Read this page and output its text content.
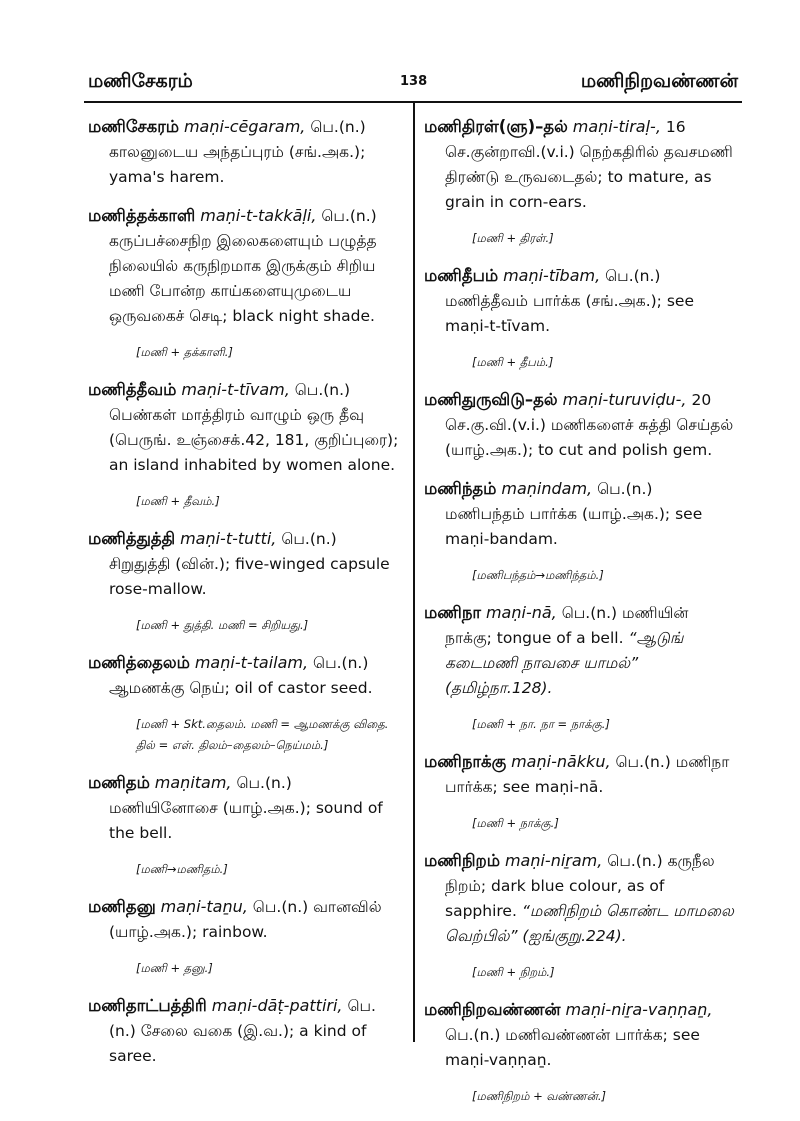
மணிசேகரம்	138	மணிநிறவண்ணன்
மணிசேகரம் maṇi-cēgaram, பெ.(n.) காலனுடைய அந்தப்புரம் (சங்.அக.); yama's harem.
மணித்தக்காளி maṇi-t-takkāḷi, பெ.(n.) கருப்பச்சைநிற இலைகளையும் பழுத்த நிலையில் கருநிறமாக இருக்கும் சிறிய மணி போன்ற காய்களையுமுடைய ஒருவகைச் செடி; black night shade.
[மணி + தக்காளி.]
மணித்தீவம் maṇi-t-tīvam, பெ.(n.) பெண்கள் மாத்திரம் வாழும் ஒரு தீவு (பெருங். உஞ்சைக்.42, 181, குறிப்புரை); an island inhabited by women alone.
[மணி + தீவம்.]
மணித்துத்தி maṇi-t-tutti, பெ.(n.) சிறுதுத்தி (வின்.); five-winged capsule rose-mallow.
[மணி + துத்தி. மணி = சிறியது.]
மணித்தைலம் maṇi-t-tailam, பெ.(n.) ஆமணக்கு நெய்; oil of castor seed.
[மணி + Skt.தைலம். மணி = ஆமணக்கு விதை. தில் = எள். திலம்–தைலம்–நெய்மம்.]
மணிதம் maṇitam, பெ.(n.) மணியினோசை (யாழ்.அக.); sound of the bell.
[மணி→மணிதம்.]
மணிதனு maṇi-taṉu, பெ.(n.) வானவில் (யாழ்.அக.); rainbow.
[மணி + தனு.]
மணிதாட்பத்திரி maṇi-dāṭ-pattiri, பெ.(n.) சேலை வகை (இ.வ.); a kind of saree.
மணிதிரள்(ளு)–தல் maṇi-tiraḷ-, 16 செ.குன்றாவி.(v.i.) நெற்கதிரில் தவசமணி திரண்டு உருவடைதல்; to mature, as grain in corn-ears.
[மணி + திரள்.]
மணிதீபம் maṇi-tībam, பெ.(n.) மணித்தீவம் பார்க்க (சங்.அக.); see maṇi-t-tīvam.
[மணி + தீபம்.]
மணிதுருவிடு–தல் maṇi-turuviḍu-, 20 செ.கு.வி.(v.i.) மணிகளைச் சுத்தி செய்தல் (யாழ்.அக.); to cut and polish gem.
மணிந்தம் maṇindam, பெ.(n.) மணிபந்தம் பார்க்க (யாழ்.அக.); see maṇi-bandam.
[மணிபந்தம்→மணிந்தம்.]
மணிநா maṇi-nā, பெ.(n.) மணியின் நாக்கு; tongue of a bell. “ஆடுங் கடைமணி நாவசை யாமல்” (தமிழ்நா.128).
[மணி + நா. நா = நாக்கு.]
மணிநாக்கு maṇi-nākku, பெ.(n.) மணிநா பார்க்க; see maṇi-nā.
[மணி + நாக்கு.]
மணிநிறம் maṇi-niṟam, பெ.(n.) கருநீல நிறம்; dark blue colour, as of sapphire. “மணிநிறம் கொண்ட மாமலை வெற்பில்” (ஐங்குறு.224).
[மணி + நிறம்.]
மணிநிறவண்ணன் maṇi-niṟa-vaṇṇaṉ, பெ.(n.) மணிவண்ணன் பார்க்க; see maṇi-vaṇṇaṉ.
[மணிநிறம் + வண்ணன்.]
